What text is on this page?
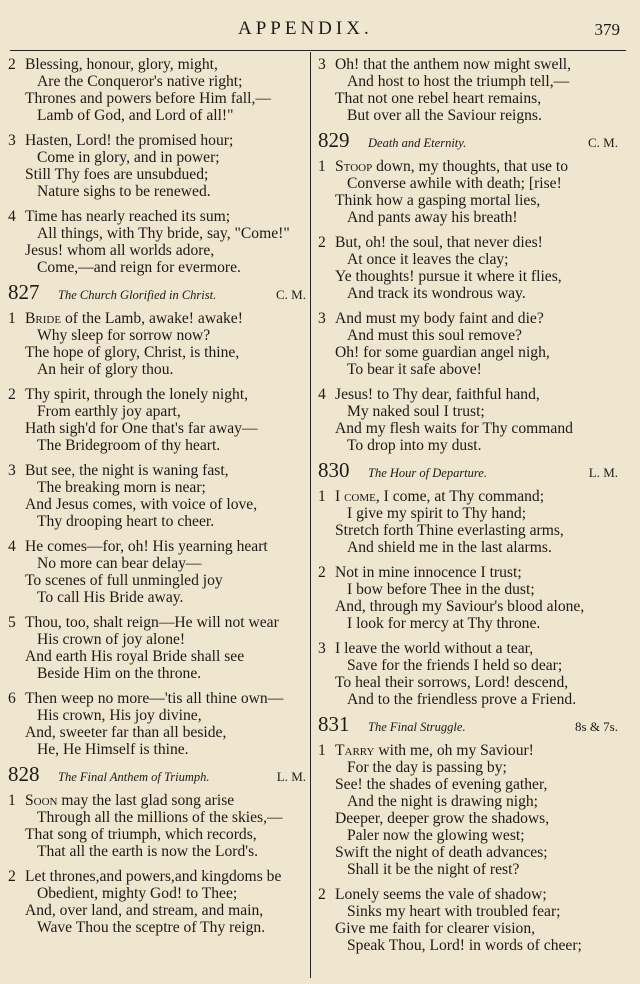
APPENDIX.	379
2 Blessing, honour, glory, might,
Are the Conqueror's native right;
Thrones and powers before Him fall,—
Lamb of God, and Lord of all!"
3 Hasten, Lord! the promised hour;
Come in glory, and in power;
Still Thy foes are unsubdued;
Nature sighs to be renewed.
4 Time has nearly reached its sum;
All things, with Thy bride, say, "Come!"
Jesus! whom all worlds adore,
Come,—and reign for evermore.
827	The Church Glorified in Christ.	C. M.
1 Bride of the Lamb, awake! awake!
Why sleep for sorrow now?
The hope of glory, Christ, is thine,
An heir of glory thou.
2 Thy spirit, through the lonely night,
From earthly joy apart,
Hath sigh'd for One that's far away—
The Bridegroom of thy heart.
3 But see, the night is waning fast,
The breaking morn is near;
And Jesus comes, with voice of love,
Thy drooping heart to cheer.
4 He comes—for, oh! His yearning heart
No more can bear delay—
To scenes of full unmingled joy
To call His Bride away.
5 Thou, too, shalt reign—He will not wear
His crown of joy alone!
And earth His royal Bride shall see
Beside Him on the throne.
6 Then weep no more—'tis all thine own—
His crown, His joy divine,
And, sweeter far than all beside,
He, He Himself is thine.
828	The Final Anthem of Triumph.	L. M.
1 Soon may the last glad song arise
Through all the millions of the skies,—
That song of triumph, which records,
That all the earth is now the Lord's.
2 Let thrones,and powers,and kingdoms be
Obedient, mighty God! to Thee;
And, over land, and stream, and main,
Wave Thou the sceptre of Thy reign.
3 Oh! that the anthem now might swell,
And host to host the triumph tell,—
That not one rebel heart remains,
But over all the Saviour reigns.
829	Death and Eternity.	C. M.
1 Stoop down, my thoughts, that use to
Converse awhile with death; [rise!
Think how a gasping mortal lies,
And pants away his breath!
2 But, oh! the soul, that never dies!
At once it leaves the clay;
Ye thoughts! pursue it where it flies,
And track its wondrous way.
3 And must my body faint and die?
And must this soul remove?
Oh! for some guardian angel nigh,
To bear it safe above!
4 Jesus! to Thy dear, faithful hand,
My naked soul I trust;
And my flesh waits for Thy command
To drop into my dust.
830	The Hour of Departure.	L. M.
1 I come, I come, at Thy command;
I give my spirit to Thy hand;
Stretch forth Thine everlasting arms,
And shield me in the last alarms.
2 Not in mine innocence I trust;
I bow before Thee in the dust;
And, through my Saviour's blood alone,
I look for mercy at Thy throne.
3 I leave the world without a tear,
Save for the friends I held so dear;
To heal their sorrows, Lord! descend,
And to the friendless prove a Friend.
831	The Final Struggle.	8s & 7s.
1 Tarry with me, oh my Saviour!
For the day is passing by;
See! the shades of evening gather,
And the night is drawing nigh;
Deeper, deeper grow the shadows,
Paler now the glowing west;
Swift the night of death advances;
Shall it be the night of rest?
2 Lonely seems the vale of shadow;
Sinks my heart with troubled fear;
Give me faith for clearer vision,
Speak Thou, Lord! in words of cheer;
